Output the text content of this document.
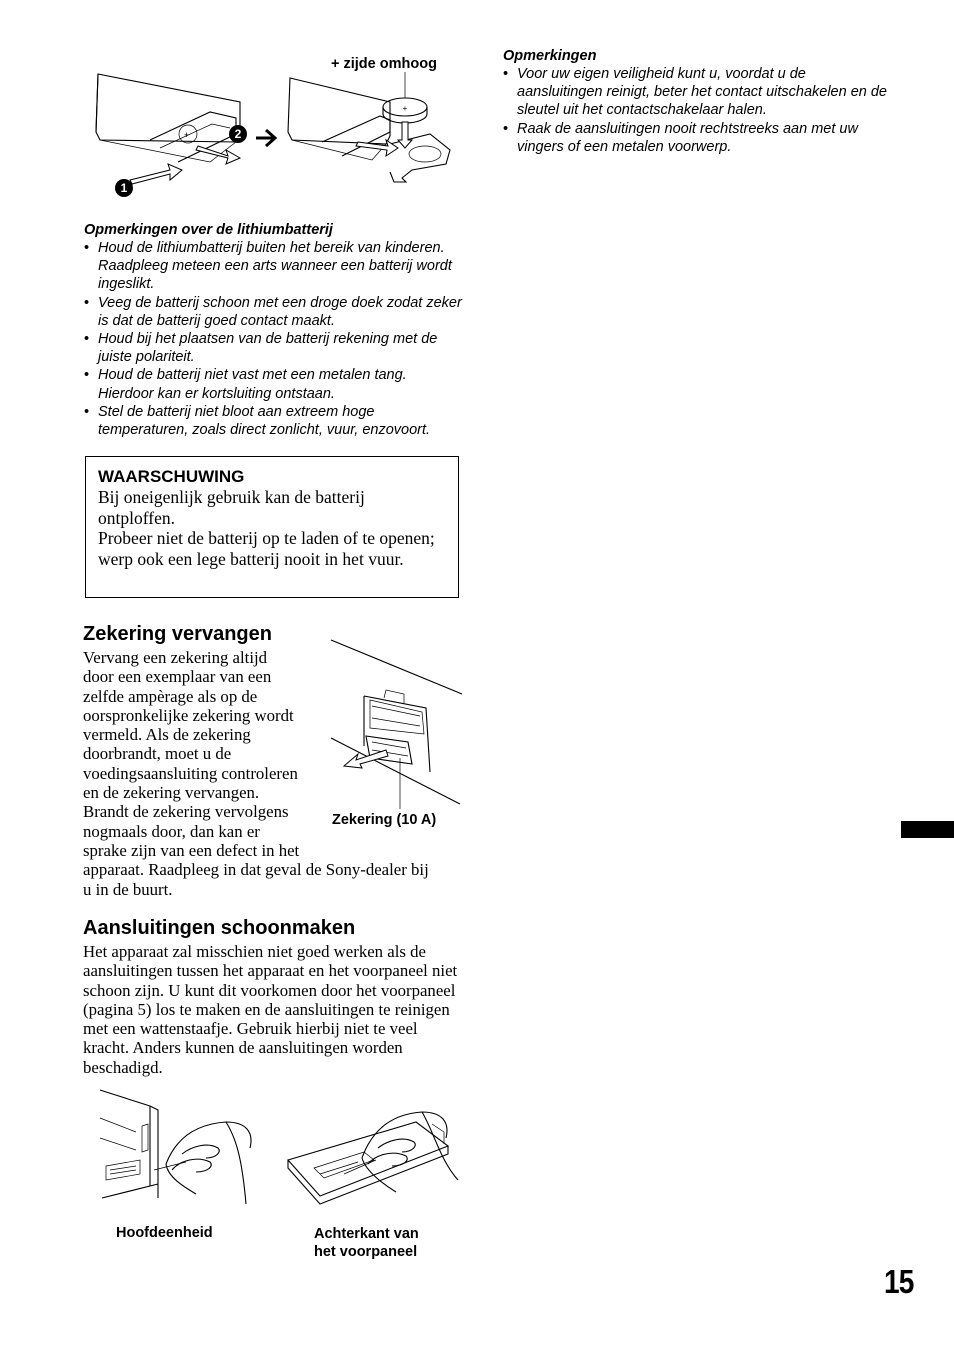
+
1
2
+
+ zijde omhoog
Opmerkingen over de lithiumbatterij
• Houd de lithiumbatterij buiten het bereik van kinderen. Raadpleeg meteen een arts wanneer een batterij wordt ingeslikt.
• Veeg de batterij schoon met een droge doek zodat zeker is dat de batterij goed contact maakt.
• Houd bij het plaatsen van de batterij rekening met de juiste polariteit.
• Houd de batterij niet vast met een metalen tang. Hierdoor kan er kortsluiting ontstaan.
• Stel de batterij niet bloot aan extreem hoge temperaturen, zoals direct zonlicht, vuur, enzovoort.
WAARSCHUWING
Bij oneigenlijk gebruik kan de batterij ontploffen.
Probeer niet de batterij op te laden of te openen; werp ook een lege batterij nooit in het vuur.
Zekering vervangen
Vervang een zekering altijd
door een exemplaar van een
zelfde ampèrage als op de
oorspronkelijke zekering wordt
vermeld. Als de zekering
doorbrandt, moet u de
voedingsaansluiting controleren
en de zekering vervangen.
Brandt de zekering vervolgens
nogmaals door, dan kan er
sprake zijn van een defect in het
apparaat. Raadpleeg in dat geval de Sony-dealer bij
u in de buurt.
Zekering (10 A)
Aansluitingen schoonmaken
Het apparaat zal misschien niet goed werken als de aansluitingen tussen het apparaat en het voorpaneel niet schoon zijn. U kunt dit voorkomen door het voorpaneel (pagina 5) los te maken en de aansluitingen te reinigen met een wattenstaafje. Gebruik hierbij niet te veel kracht. Anders kunnen de aansluitingen worden beschadigd.
Hoofdeenheid	Achterkant van
het voorpaneel
Opmerkingen
• Voor uw eigen veiligheid kunt u, voordat u de aansluitingen reinigt, beter het contact uitschakelen en de sleutel uit het contactschakelaar halen.
• Raak de aansluitingen nooit rechtstreeks aan met uw vingers of een metalen voorwerp.
15
